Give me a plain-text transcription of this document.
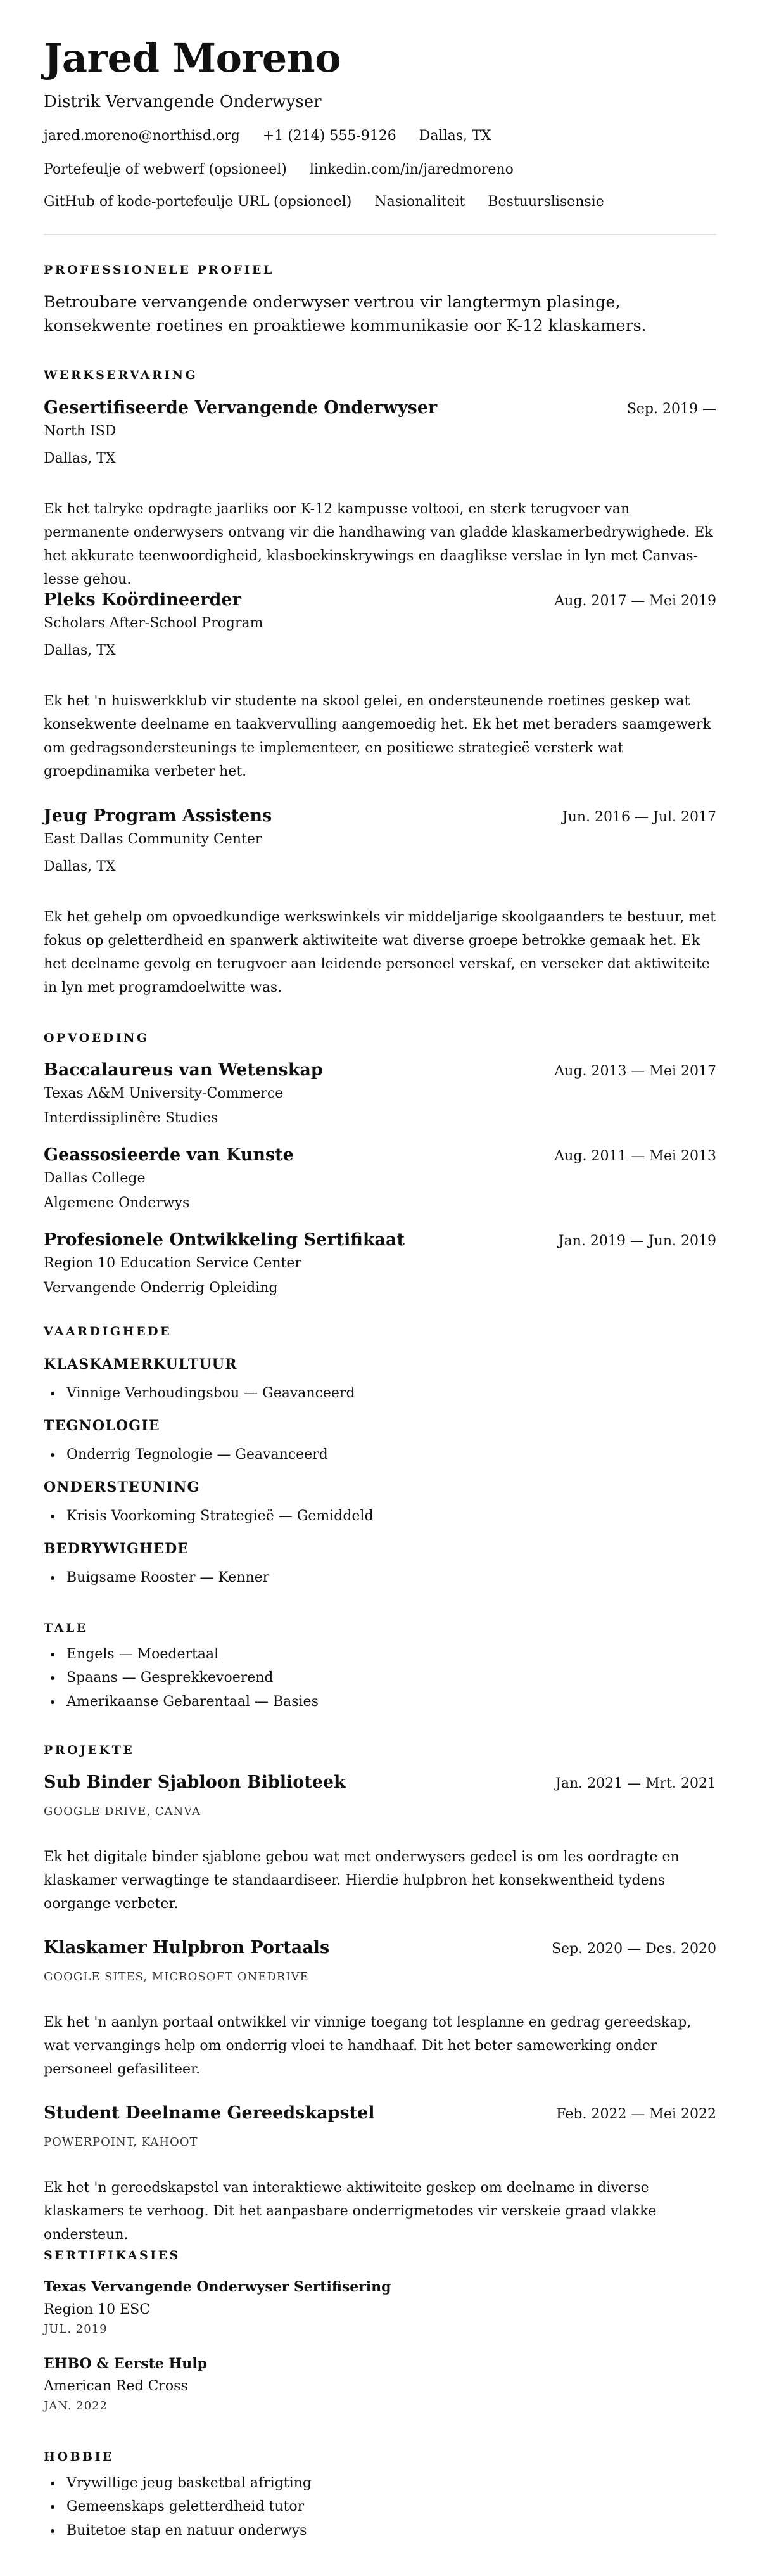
Jared Moreno
Distrik Vervangende Onderwyser
jared.moreno@northisd.org +1 (214) 555-9126 Dallas, TX
Portefeulje of webwerf (opsioneel) linkedin.com/in/jaredmoreno
GitHub of kode-portefeulje URL (opsioneel) Nasionaliteit Bestuurslisensie
PROFESSIONELE PROFIEL
Betroubare vervangende onderwyser vertrou vir langtermyn plasinge, konsekwente roetines en proaktiewe kommunikasie oor K-12 klaskamers.
WERKSERVARING
Gesertifiseerde Vervangende Onderwyser	Sep. 2019 —
North ISD
Dallas, TX
Ek het talryke opdragte jaarliks oor K-12 kampusse voltooi, en sterk terugvoer van permanente onderwysers ontvang vir die handhawing van gladde klaskamerbedrywighede. Ek het akkurate teenwoordigheid, klasboekinskrywings en daaglikse verslae in lyn met Canvas-lesse gehou.
Pleks Koördineerder	Aug. 2017 — Mei 2019
Scholars After-School Program
Dallas, TX
Ek het 'n huiswerkklub vir studente na skool gelei, en ondersteunende roetines geskep wat konsekwente deelname en taakvervulling aangemoedig het. Ek het met beraders saamgewerk om gedragsondersteunings te implementeer, en positiewe strategieë versterk wat groepdinamika verbeter het.
Jeug Program Assistens	Jun. 2016 — Jul. 2017
East Dallas Community Center
Dallas, TX
Ek het gehelp om opvoedkundige werkswinkels vir middeljarige skoolgaanders te bestuur, met fokus op geletterdheid en spanwerk aktiwiteite wat diverse groepe betrokke gemaak het. Ek het deelname gevolg en terugvoer aan leidende personeel verskaf, en verseker dat aktiwiteite in lyn met programdoelwitte was.
OPVOEDING
Baccalaureus van Wetenskap	Aug. 2013 — Mei 2017
Texas A&M University-Commerce
Interdissiplinêre Studies
Geassosieerde van Kunste	Aug. 2011 — Mei 2013
Dallas College
Algemene Onderwys
Profesionele Ontwikkeling Sertifikaat	Jan. 2019 — Jun. 2019
Region 10 Education Service Center
Vervangende Onderrig Opleiding
VAARDIGHEDE
KLASKAMERKULTUUR
• Vinnige Verhoudingsbou — Geavanceerd
TEGNOLOGIE
• Onderrig Tegnologie — Geavanceerd
ONDERSTEUNING
• Krisis Voorkoming Strategieë — Gemiddeld
BEDRYWIGHEDE
• Buigsame Rooster — Kenner
TALE
• Engels — Moedertaal
• Spaans — Gesprekkevoerend
• Amerikaanse Gebarentaal — Basies
PROJEKTE
Sub Binder Sjabloon Biblioteek	Jan. 2021 — Mrt. 2021
GOOGLE DRIVE, CANVA
Ek het digitale binder sjablone gebou wat met onderwysers gedeel is om les oordragte en klaskamer verwagtinge te standaardiseer. Hierdie hulpbron het konsekwentheid tydens oorgange verbeter.
Klaskamer Hulpbron Portaals	Sep. 2020 — Des. 2020
GOOGLE SITES, MICROSOFT ONEDRIVE
Ek het 'n aanlyn portaal ontwikkel vir vinnige toegang tot lesplanne en gedrag gereedskap, wat vervangings help om onderrig vloei te handhaaf. Dit het beter samewerking onder personeel gefasiliteer.
Student Deelname Gereedskapstel	Feb. 2022 — Mei 2022
POWERPOINT, KAHOOT
Ek het 'n gereedskapstel van interaktiewe aktiwiteite geskep om deelname in diverse klaskamers te verhoog. Dit het aanpasbare onderrigmetodes vir verskeie graad vlakke ondersteun.
SERTIFIKASIES
Texas Vervangende Onderwyser Sertifisering
Region 10 ESC
JUL. 2019
EHBO & Eerste Hulp
American Red Cross
JAN. 2022
HOBBIE
• Vrywillige jeug basketbal afrigting
• Gemeenskaps geletterdheid tutor
• Buitetoe stap en natuur onderwys
